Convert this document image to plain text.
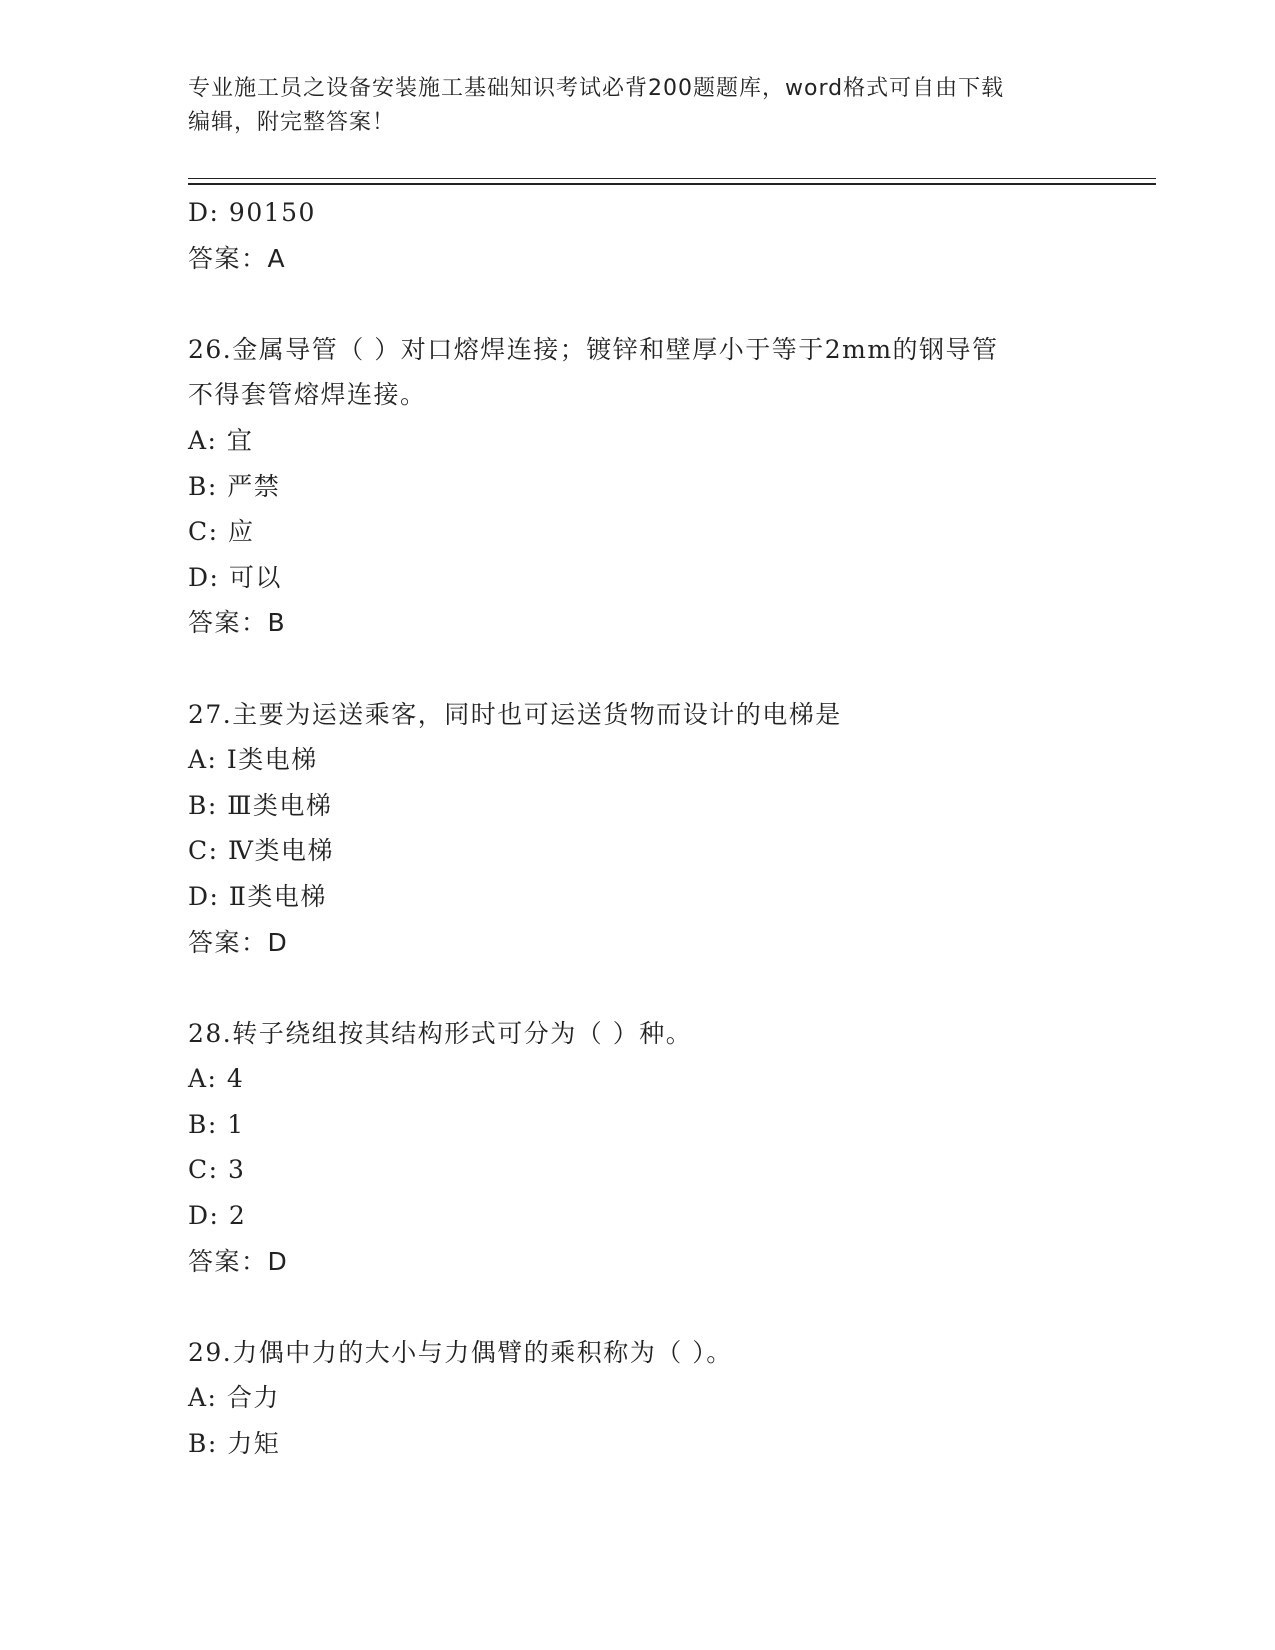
专业施工员之设备安装施工基础知识考试必背200题题库，word格式可自由下载
编辑，附完整答案！
D: 90150
答案：A
26.金属导管（ ）对口熔焊连接；镀锌和壁厚小于等于2mm的钢导管
不得套管熔焊连接。
A: 宜
B: 严禁
C: 应
D: 可以
答案：B
27.主要为运送乘客，同时也可运送货物而设计的电梯是
A: Ⅰ类电梯
B: Ⅲ类电梯
C: Ⅳ类电梯
D: Ⅱ类电梯
答案：D
28.转子绕组按其结构形式可分为（ ）种。
A: 4
B: 1
C: 3
D: 2
答案：D
29.力偶中力的大小与力偶臂的乘积称为（ ）。
A: 合力
B: 力矩
